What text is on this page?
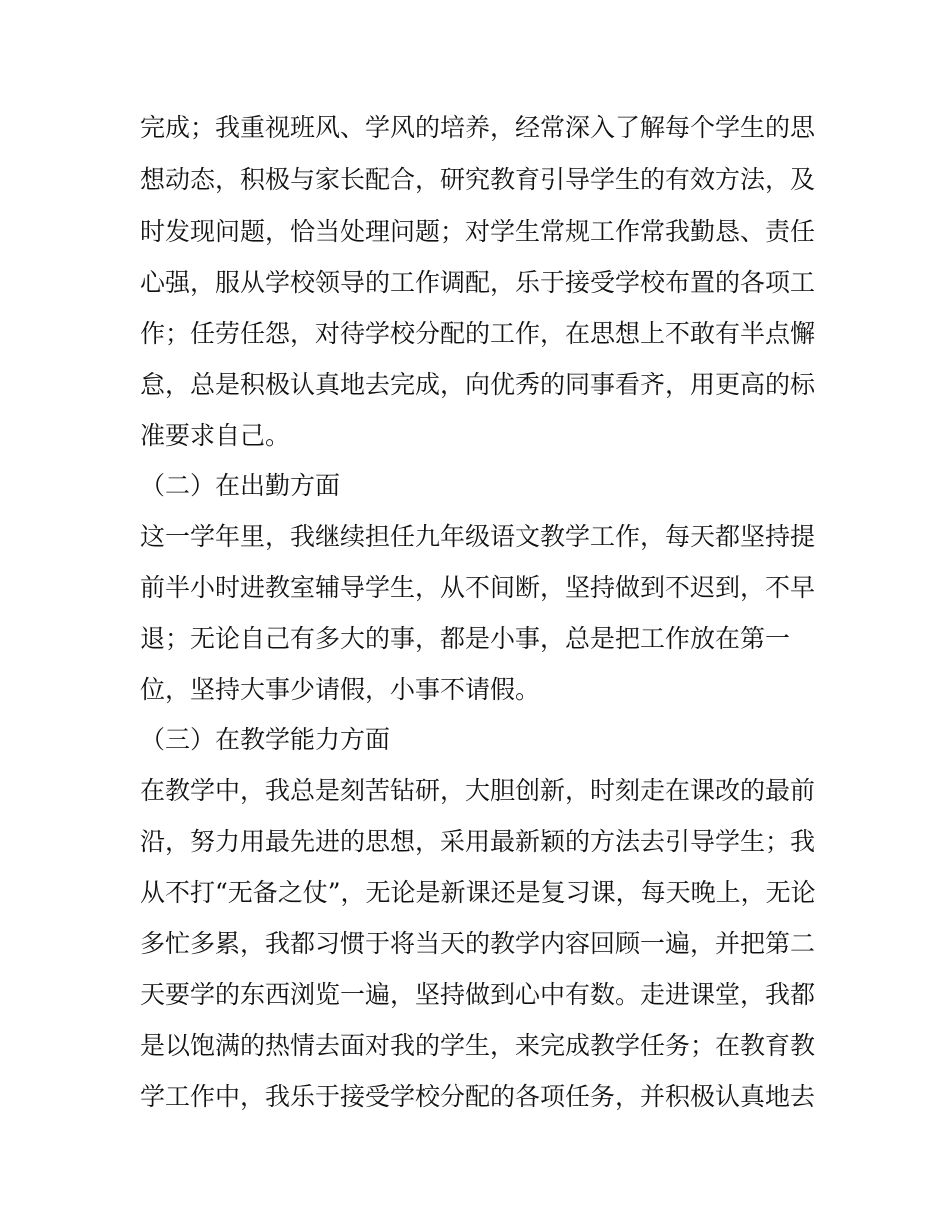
完成；我重视班风、学风的培养，经常深入了解每个学生的思
想动态，积极与家长配合，研究教育引导学生的有效方法，及
时发现问题，恰当处理问题；对学生常规工作常我勤恳、责任
心强，服从学校领导的工作调配，乐于接受学校布置的各项工
作；任劳任怨，对待学校分配的工作，在思想上不敢有半点懈
怠，总是积极认真地去完成，向优秀的同事看齐，用更高的标
准要求自己。
（二）在出勤方面
这一学年里，我继续担任九年级语文教学工作，每天都坚持提
前半小时进教室辅导学生，从不间断，坚持做到不迟到，不早
退；无论自己有多大的事，都是小事，总是把工作放在第一
位，坚持大事少请假，小事不请假。
（三）在教学能力方面
在教学中，我总是刻苦钻研，大胆创新，时刻走在课改的最前
沿，努力用最先进的思想，采用最新颖的方法去引导学生；我
从不打“无备之仗”，无论是新课还是复习课，每天晚上，无论
多忙多累，我都习惯于将当天的教学内容回顾一遍，并把第二
天要学的东西浏览一遍，坚持做到心中有数。走进课堂，我都
是以饱满的热情去面对我的学生，来完成教学任务；在教育教
学工作中，我乐于接受学校分配的各项任务，并积极认真地去
